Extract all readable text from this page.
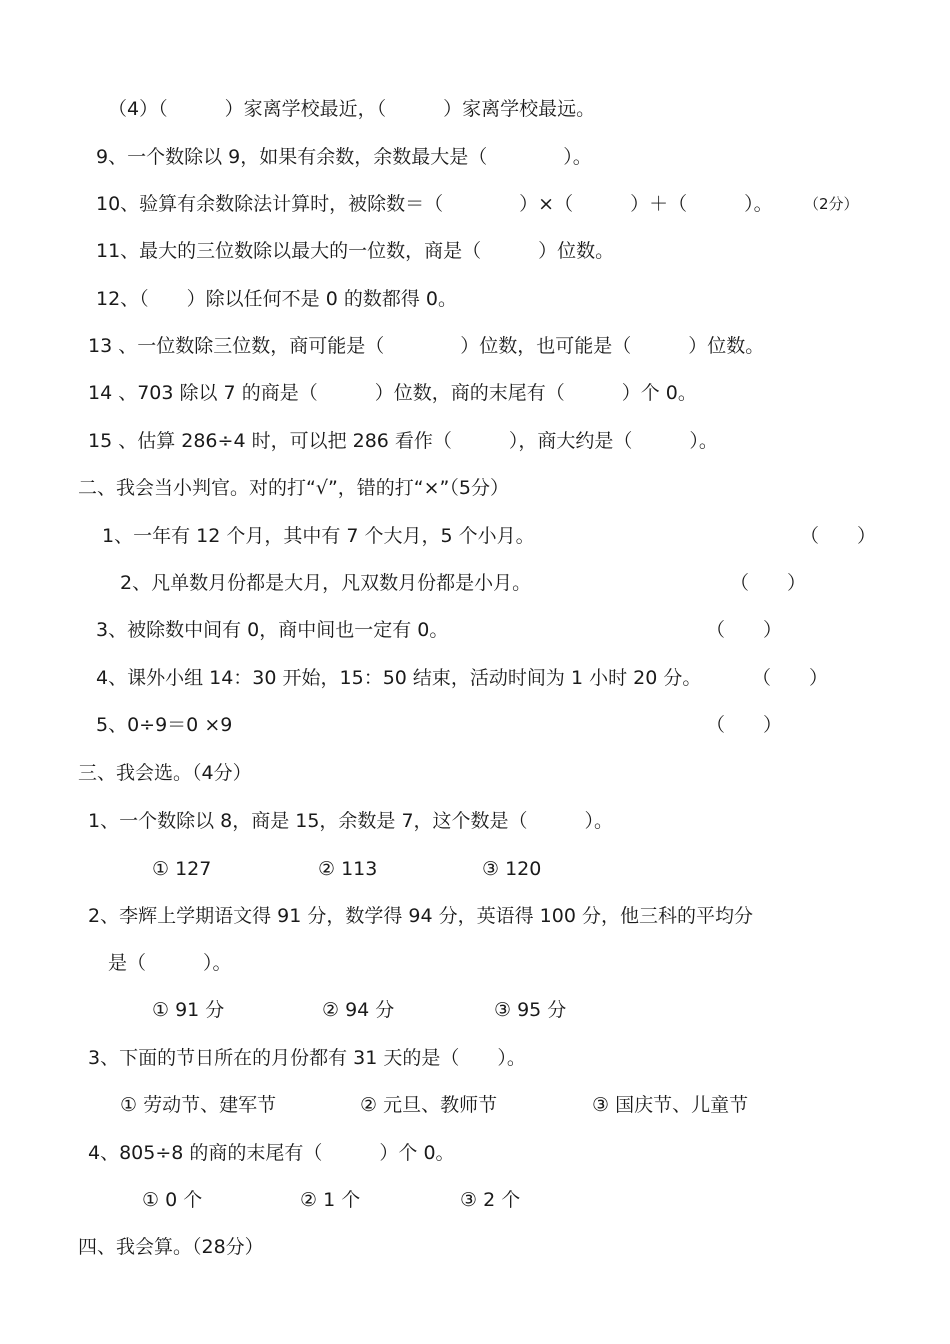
（4）（　　　）家离学校最近，（　　　）家离学校最远。
9、一个数除以 9，如果有余数，余数最大是（　　　　）。
10、验算有余数除法计算时，被除数＝（　　　　）×（　　　）＋（　　　）。 （2分）
11、最大的三位数除以最大的一位数，商是（　　　）位数。
12、（　　）除以任何不是 0 的数都得 0。
13 、一位数除三位数，商可能是（　　　　）位数，也可能是（　　　）位数。
14 、703 除以 7 的商是（　　　）位数，商的末尾有（　　　）个 0。
15 、估算 286÷4 时，可以把 286 看作（　　　），商大约是（　　　）。
二、我会当小判官。对的打“√”，错的打“×”（5分）
1、一年有 12 个月，其中有 7 个大月，5 个小月。	（　　）
2、凡单数月份都是大月，凡双数月份都是小月。	（　　）
3、被除数中间有 0，商中间也一定有 0。	（　　）
4、课外小组 14：30 开始，15：50 结束，活动时间为 1 小时 20 分。	（　　）
5、0÷9＝0 ×9	（　　）
三、我会选。（4分）
1、一个数除以 8，商是 15，余数是 7，这个数是（　　　）。
① 127	② 113	③ 120
2、李辉上学期语文得 91 分，数学得 94 分，英语得 100 分，他三科的平均分
是（　　　）。
① 91 分	② 94 分	③ 95 分
3、下面的节日所在的月份都有 31 天的是（　　）。
① 劳动节、建军节	② 元旦、教师节	③ 国庆节、儿童节
4、805÷8 的商的末尾有（　　　）个 0。
① 0 个	② 1 个	③ 2 个
四、我会算。（28分）
